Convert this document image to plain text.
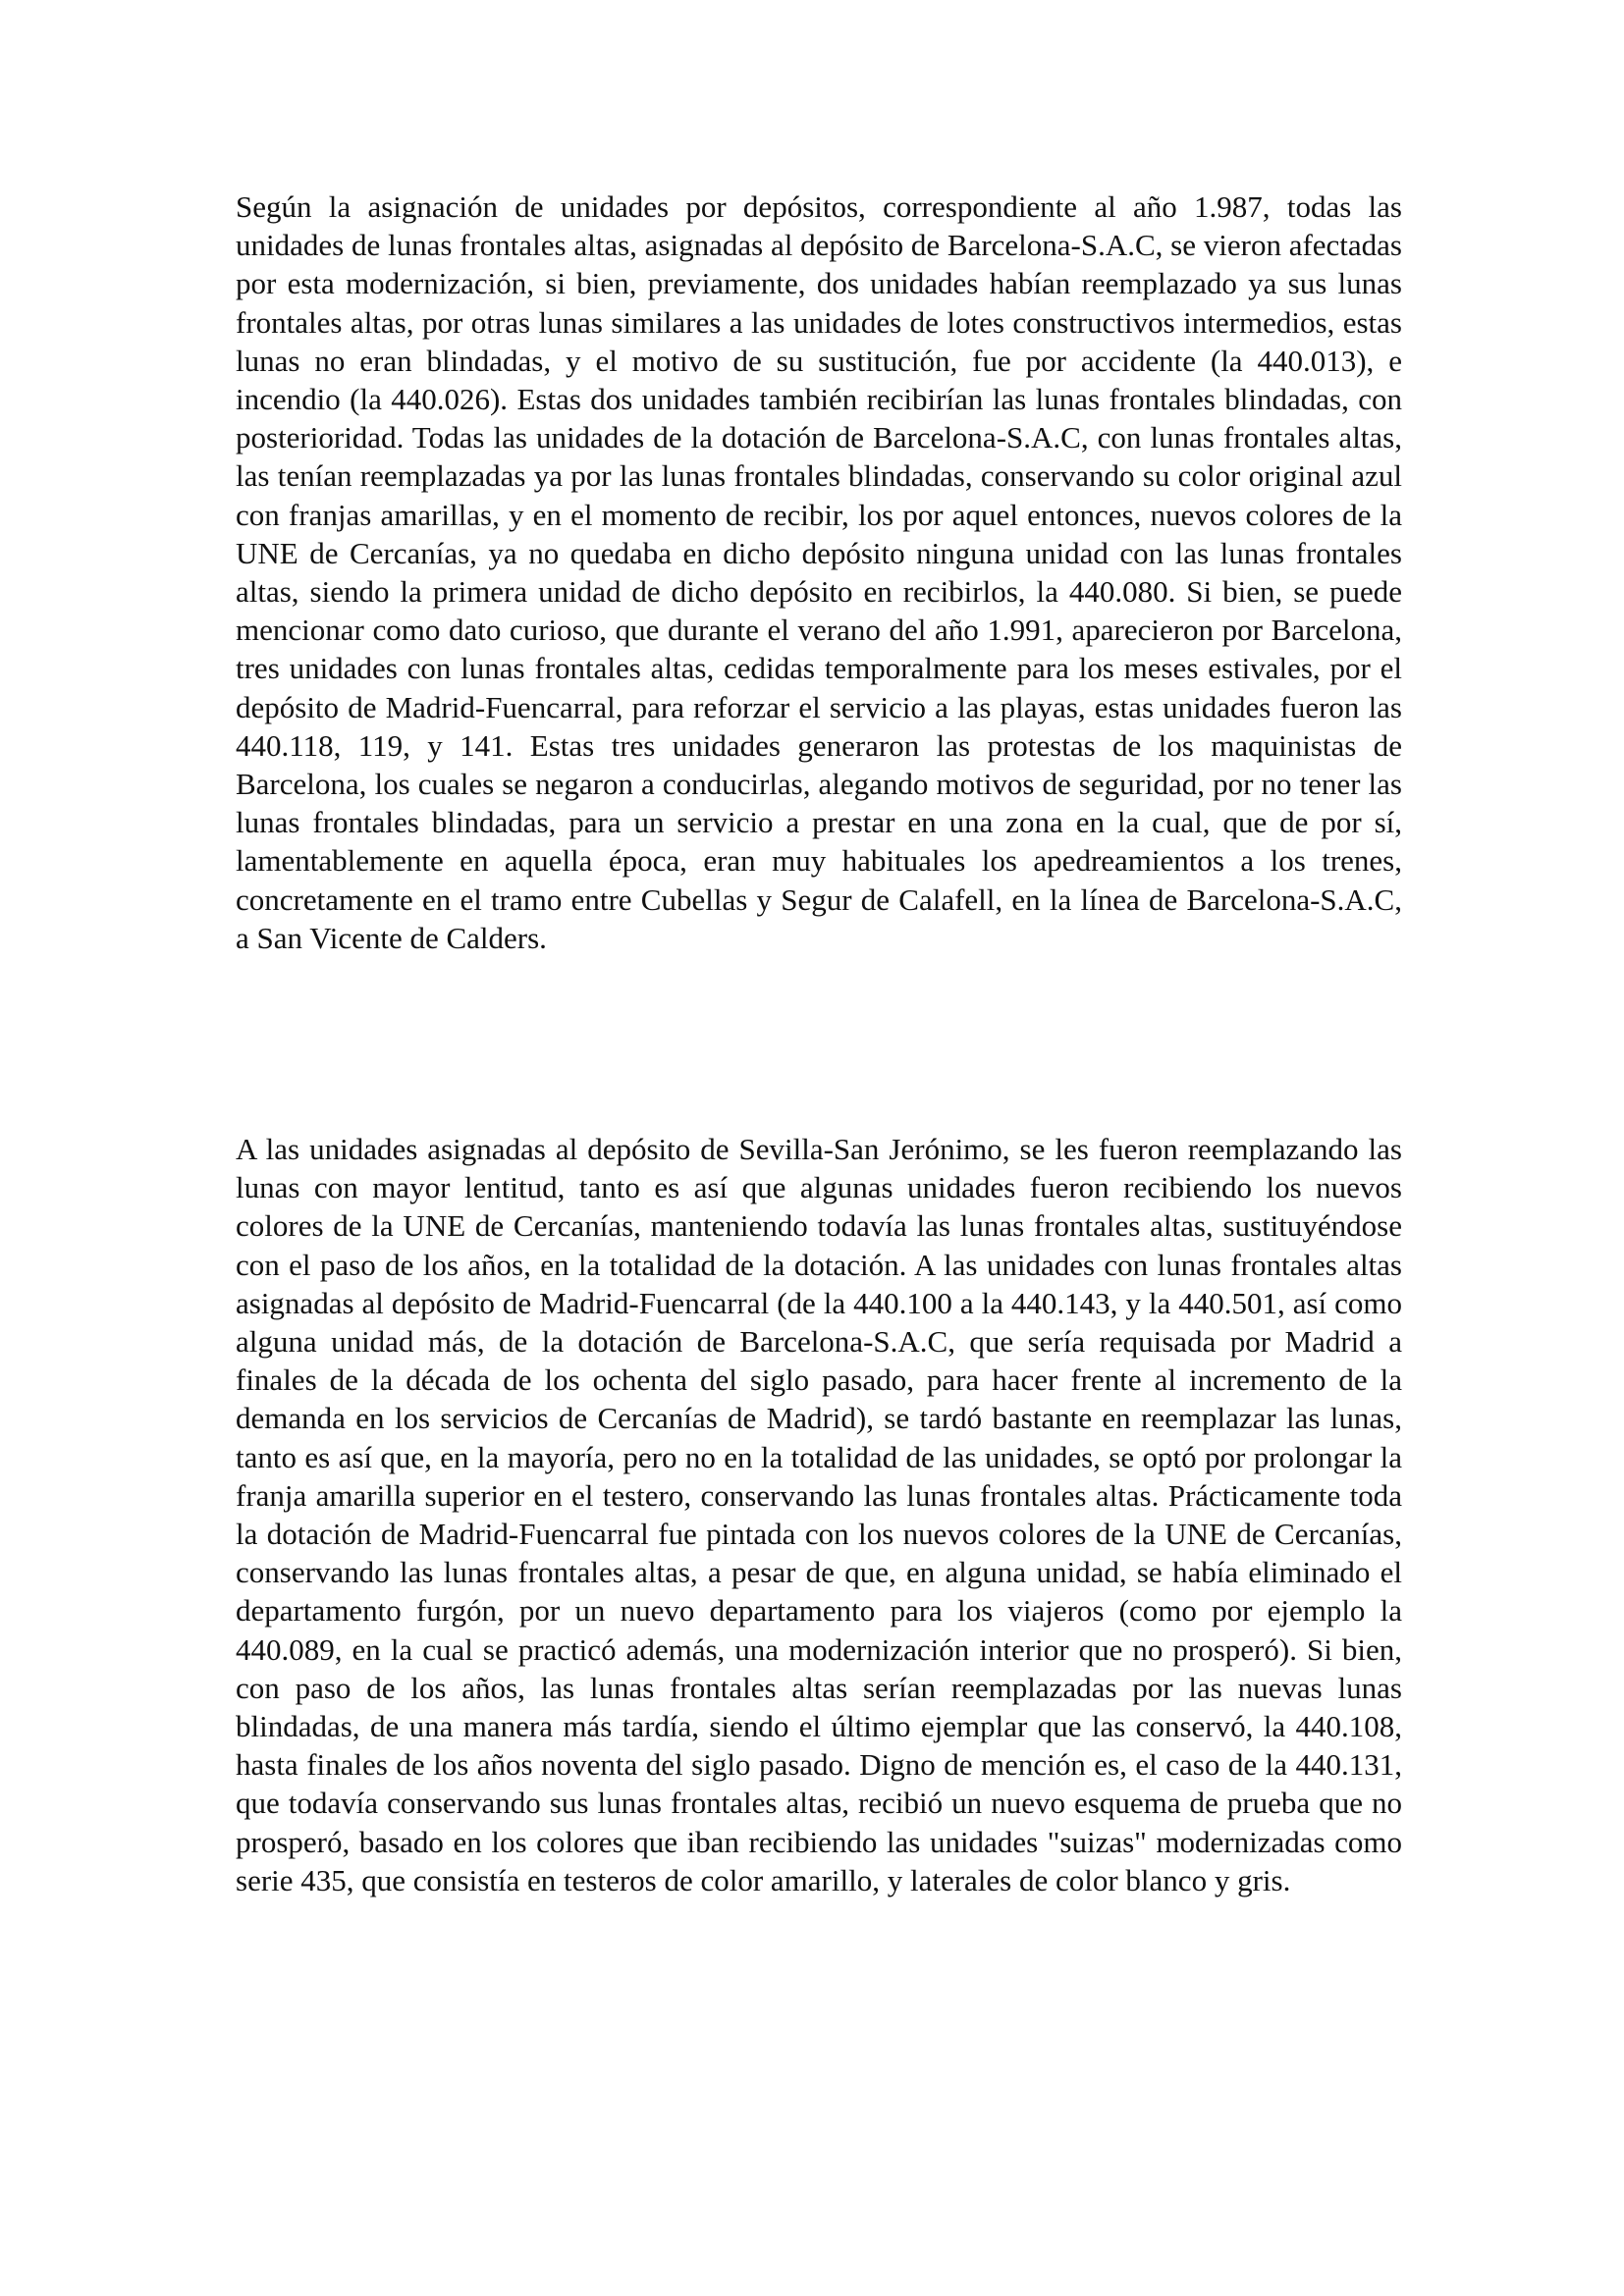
Según la asignación de unidades por depósitos, correspondiente al año 1.987, todas las unidades de lunas frontales altas, asignadas al depósito de Barcelona-S.A.C, se vieron afectadas por esta modernización, si bien, previamente, dos unidades habían reemplazado ya sus lunas frontales altas, por otras lunas similares a las unidades de lotes constructivos intermedios, estas lunas no eran blindadas, y el motivo de su sustitución, fue por accidente (la 440.013), e incendio (la 440.026). Estas dos unidades también recibirían las lunas frontales blindadas, con posterioridad. Todas las unidades de la dotación de Barcelona-S.A.C, con lunas frontales altas, las tenían reemplazadas ya por las lunas frontales blindadas, conservando su color original azul con franjas amarillas, y en el momento de recibir, los por aquel entonces, nuevos colores de la UNE de Cercanías, ya no quedaba en dicho depósito ninguna unidad con las lunas frontales altas, siendo la primera unidad de dicho depósito en recibirlos, la 440.080. Si bien, se puede mencionar como dato curioso, que durante el verano del año 1.991, aparecieron por Barcelona, tres unidades con lunas frontales altas, cedidas temporalmente para los meses estivales, por el depósito de Madrid-Fuencarral, para reforzar el servicio a las playas, estas unidades fueron las 440.118, 119, y 141. Estas tres unidades generaron las protestas de los maquinistas de Barcelona, los cuales se negaron a conducirlas, alegando motivos de seguridad, por no tener las lunas frontales blindadas, para un servicio a prestar en una zona en la cual, que de por sí, lamentablemente en aquella época, eran muy habituales los apedreamientos a los trenes, concretamente en el tramo entre Cubellas y Segur de Calafell, en la línea de Barcelona-S.A.C, a San Vicente de Calders.

A las unidades asignadas al depósito de Sevilla-San Jerónimo, se les fueron reemplazando las lunas con mayor lentitud, tanto es así que algunas unidades fueron recibiendo los nuevos colores de la UNE de Cercanías, manteniendo todavía las lunas frontales altas, sustituyéndose con el paso de los años, en la totalidad de la dotación. A las unidades con lunas frontales altas asignadas al depósito de Madrid-Fuencarral (de la 440.100 a la 440.143, y la 440.501, así como alguna unidad más, de la dotación de Barcelona-S.A.C, que sería requisada por Madrid a finales de la década de los ochenta del siglo pasado, para hacer frente al incremento de la demanda en los servicios de Cercanías de Madrid), se tardó bastante en reemplazar las lunas, tanto es así que, en la mayoría, pero no en la totalidad de las unidades, se optó por prolongar la franja amarilla superior en el testero, conservando las lunas frontales altas. Prácticamente toda la dotación de Madrid-Fuencarral fue pintada con los nuevos colores de la UNE de Cercanías, conservando las lunas frontales altas, a pesar de que, en alguna unidad, se había eliminado el departamento furgón, por un nuevo departamento para los viajeros (como por ejemplo la 440.089, en la cual se practicó además, una modernización interior que no prosperó). Si bien, con paso de los años, las lunas frontales altas serían reemplazadas por las nuevas lunas blindadas, de una manera más tardía, siendo el último ejemplar que las conservó, la 440.108, hasta finales de los años noventa del siglo pasado. Digno de mención es, el caso de la 440.131, que todavía conservando sus lunas frontales altas, recibió un nuevo esquema de prueba que no prosperó, basado en los colores que iban recibiendo las unidades "suizas" modernizadas como serie 435, que consistía en testeros de color amarillo, y laterales de color blanco y gris.
